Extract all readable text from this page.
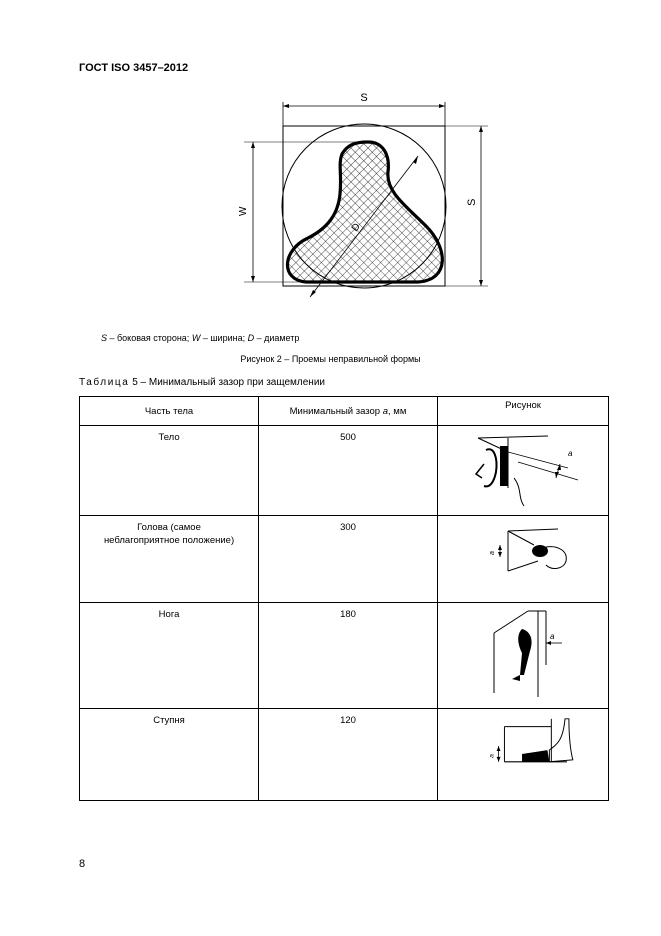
ГОСТ ISO 3457–2012
S
D
W
S
S – боковая сторона; W – ширина; D – диаметр
Рисунок 2 – Проемы неправильной формы
Таблица 5 – Минимальный зазор при защемлении
Часть тела	Минимальный зазор a, мм	Рисунок
Тело	500	a

Голова (самое
неблагоприятное положение)	300	a

Нога	180	a

Ступня	120	a
8
